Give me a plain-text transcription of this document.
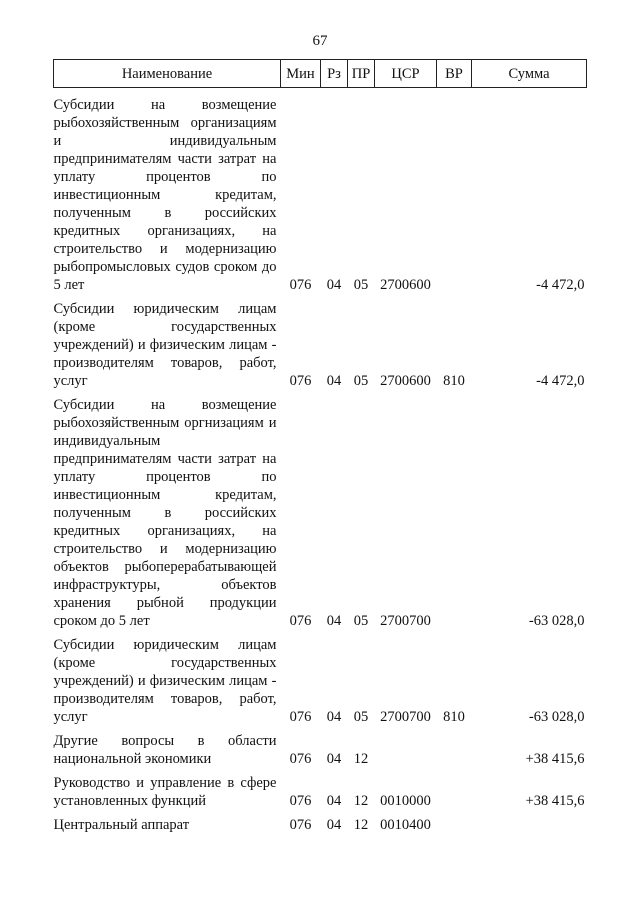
67
Наименование	Мин	Рз	ПР	ЦСР	ВР	Сумма
Субсидии на возмещение рыбохозяйственным организациям и индивидуальным предпринимателям части затрат на уплату процентов по инвестиционным кредитам, полученным в российских кредитных организациях, на строительство и модернизацию рыбопромысловых судов сроком до 5 лет	076	04	05	2700600		-4 472,0
Субсидии юридическим лицам (кроме государственных учреждений) и физическим лицам - производителям товаров, работ, услуг	076	04	05	2700600	810	-4 472,0
Субсидии на возмещение рыбохозяйственным оргнизациям и индивидуальным предпринимателям части затрат на уплату процентов по инвестиционным кредитам, полученным в российских кредитных организациях, на строительство и модернизацию объектов рыбоперерабатывающей инфраструктуры, объектов хранения рыбной продукции сроком до 5 лет	076	04	05	2700700		-63 028,0
Субсидии юридическим лицам (кроме государственных учреждений) и физическим лицам - производителям товаров, работ, услуг	076	04	05	2700700	810	-63 028,0
Другие вопросы в области национальной экономики	076	04	12			+38 415,6
Руководство и управление в сфере установленных функций	076	04	12	0010000		+38 415,6
Центральный аппарат	076	04	12	0010400		
